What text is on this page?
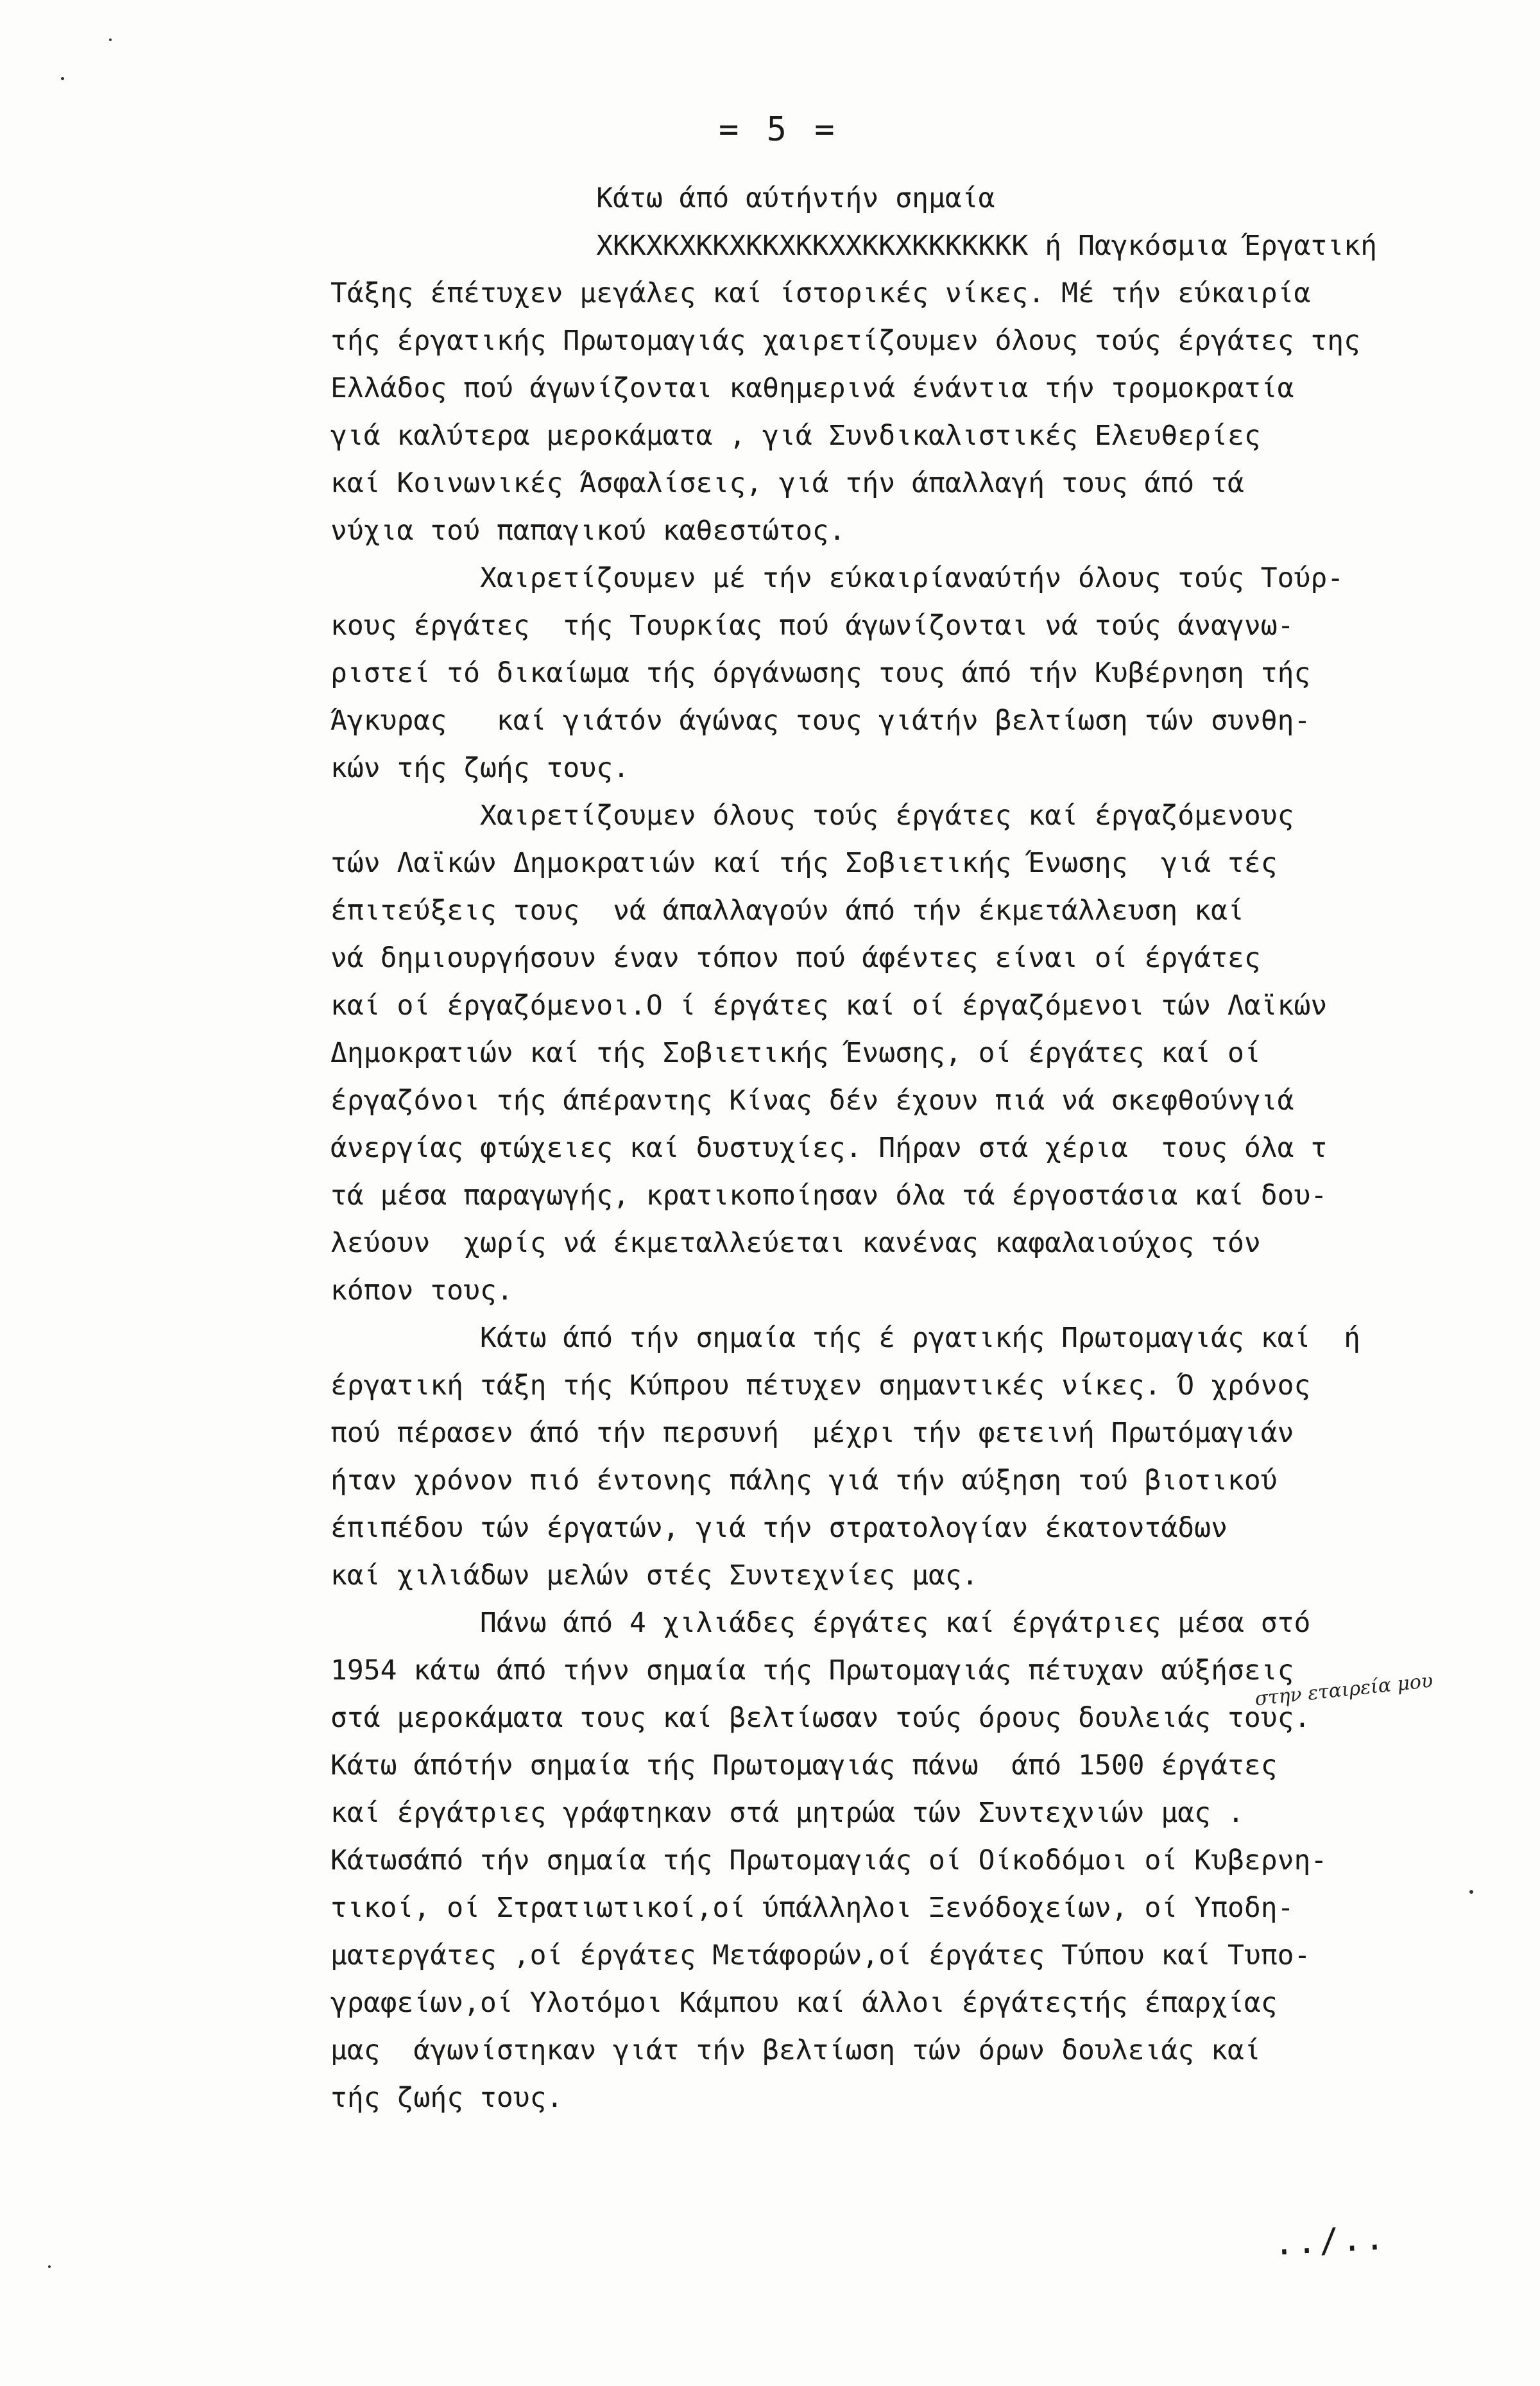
= 5 =
Κάτω άπό αύτήντήν σημαία
ΧΚΚΧΚΧΚΚΧΚΚΧΚΚΧΧΚΚΧΚΚΚΚΚΚΚ ή Παγκόσμια Έργατική
Τάξης έπέτυχεν μεγάλες καί ίστορικές νίκες. Μέ τήν εύκαιρία
τής έργατικής Πρωτομαγιάς χαιρετίζουμεν όλους τούς έργάτες της
Ελλάδος πού άγωνίζονται καθημερινά ένάντια τήν τρομοκρατία
γιά καλύτερα μεροκάματα , γιά Συνδικαλιστικές Ελευθερίες
καί Κοινωνικές Άσφαλίσεις, γιά τήν άπαλλαγή τους άπό τά
νύχια τού παπαγικού καθεστώτος.
Χαιρετίζουμεν μέ τήν εύκαιρίαναύτήν όλους τούς Τούρ-
κους έργάτες  τής Τουρκίας πού άγωνίζονται νά τούς άναγνω-
ριστεί τό δικαίωμα τής όργάνωσης τους άπό τήν Κυβέρνηση τής
Άγκυρας   καί γιάτόν άγώνας τους γιάτήν βελτίωση τών συνθη-
κών τής ζωής τους.
Χαιρετίζουμεν όλους τούς έργάτες καί έργαζόμενους
τών Λαϊκών Δημοκρατιών καί τής Σοβιετικής Ένωσης  γιά τές
έπιτεύξεις τους  νά άπαλλαγούν άπό τήν έκμετάλλευση καί
νά δημιουργήσουν έναν τόπον πού άφέντες είναι οί έργάτες
καί οί έργαζόμενοι.Ο ί έργάτες καί οί έργαζόμενοι τών Λαϊκών
Δημοκρατιών καί τής Σοβιετικής Ένωσης, οί έργάτες καί οί
έργαζόνοι τής άπέραντης Κίνας δέν έχουν πιά νά σκεφθούνγιά
άνεργίας φτώχειες καί δυστυχίες. Πήραν στά χέρια  τους όλα τ
τά μέσα παραγωγής, κρατικοποίησαν όλα τά έργοστάσια καί δου-
λεύουν  χωρίς νά έκμεταλλεύεται κανένας καφαλαιούχος τόν
κόπον τους.
Κάτω άπό τήν σημαία τής έ ργατικής Πρωτομαγιάς καί  ή
έργατική τάξη τής Κύπρου πέτυχεν σημαντικές νίκες. Ό χρόνος
πού πέρασεν άπό τήν περσυνή  μέχρι τήν φετεινή Πρωτόμαγιάν
ήταν χρόνον πιό έντονης πάλης γιά τήν αύξηση τού βιοτικού
έπιπέδου τών έργατών, γιά τήν στρατολογίαν έκατοντάδων
καί χιλιάδων μελών στές Συντεχνίες μας.
Πάνω άπό 4 χιλιάδες έργάτες καί έργάτριες μέσα στό
1954 κάτω άπό τήνν σημαία τής Πρωτομαγιάς πέτυχαν αύξήσεις
στά μεροκάματα τους καί βελτίωσαν τούς όρους δουλειάς τους.
Κάτω άπότήν σημαία τής Πρωτομαγιάς πάνω  άπό 1500 έργάτες
καί έργάτριες γράφτηκαν στά μητρώα τών Συντεχνιών μας .
Κάτωσάπό τήν σημαία τής Πρωτομαγιάς οί Οίκοδόμοι οί Κυβερνη-
τικοί, οί Στρατιωτικοί,οί ύπάλληλοι Ξενόδοχείων, οί Υποδη-
ματεργάτες ,οί έργάτες Μετάφορών,οί έργάτες Τύπου καί Τυπο-
γραφείων,οί Υλοτόμοι Κάμπου καί άλλοι έργάτεςτής έπαρχίας
μας  άγωνίστηκαν γιάτ τήν βελτίωση τών όρων δουλειάς καί
τής ζωής τους.
στην εταιρεία μου
../..
